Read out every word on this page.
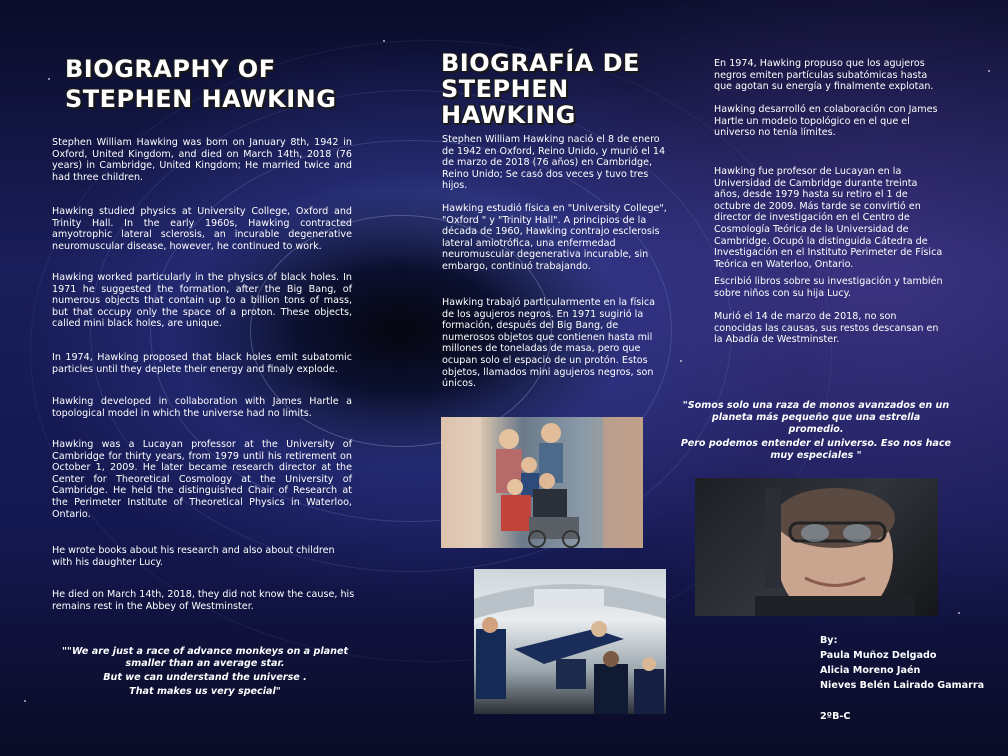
BIOGRAPHY OF
STEPHEN HAWKING
Stephen William Hawking was born on January 8th, 1942 in Oxford, United Kingdom, and died on March 14th, 2018 (76 years) in Cambridge, United Kingdom; He married twice and had three children.
Hawking studied physics at University College, Oxford and Trinity Hall. In the early 1960s, Hawking contracted amyotrophic lateral sclerosis, an incurable degenerative neuromuscular disease, however, he continued to work.
Hawking worked particularly in the physics of black holes. In 1971 he suggested the formation, after the Big Bang, of numerous objects that contain up to a billion tons of mass, but that occupy only the space of a proton. These objects, called mini black holes, are unique.
In 1974, Hawking proposed that black holes emit subatomic particles until they deplete their energy and finaly explode.
Hawking developed in collaboration with James Hartle a topological model in which the universe had no limits.
Hawking was a Lucayan professor at the University of Cambridge for thirty years, from 1979 until his retirement on October 1, 2009. He later became research director at the Center for Theoretical Cosmology at the University of Cambridge. He held the distinguished Chair of Research at the Perimeter Institute of Theoretical Physics in Waterloo, Ontario.
He wrote books about his research and also about children with his daughter Lucy.
He died on March 14th, 2018, they did not know the cause, his remains rest in the Abbey of Westminster.
""We are just a race of advance monkeys on a planet
smaller than an average star.
But we can understand the universe .
That makes us very special"
BIOGRAFÍA DE
STEPHEN
HAWKING
Stephen William Hawking nació el 8 de enero de 1942 en Oxford, Reino Unido, y murió el 14 de marzo de 2018 (76 años) en Cambridge, Reino Unido; Se casó dos veces y tuvo tres hijos.
Hawking estudió física en "University College", "Oxford " y "Trinity Hall". A principios de la década de 1960, Hawking contrajo esclerosis lateral amiotrófica, una enfermedad neuromuscular degenerativa incurable, sin embargo, continuó trabajando.
Hawking trabajó particularmente en la física de los agujeros negros. En 1971 sugirió la formación, después del Big Bang, de numerosos objetos que contienen hasta mil millones de toneladas de masa, pero que ocupan solo el espacio de un protón. Estos objetos, llamados mini agujeros negros, son únicos.
En 1974, Hawking propuso que los agujeros negros emiten partículas subatómicas hasta que agotan su energía y finalmente explotan.
Hawking desarrolló en colaboración con James Hartle un modelo topológico en el que el universo no tenía límites.
Hawking fue profesor de Lucayan en la Universidad de Cambridge durante treinta años, desde 1979 hasta su retiro el 1 de octubre de 2009. Más tarde se convirtió en director de investigación en el Centro de Cosmología Teórica de la Universidad de Cambridge. Ocupó la distinguida Cátedra de Investigación en el Instituto Perimeter de Física Teórica en Waterloo, Ontario.
Escribió libros sobre su investigación y también sobre niños con su hija Lucy.
Murió el 14 de marzo de 2018, no son conocidas las causas, sus restos descansan en la Abadía de Westminster.
"Somos solo una raza de monos avanzados en un
planeta más pequeño que una estrella
promedio.
Pero podemos entender el universo. Eso nos hace
muy especiales "
By:
Paula Muñoz Delgado
Alicia Moreno Jaén
Nieves Belén Lairado Gamarra
2ºB-C
